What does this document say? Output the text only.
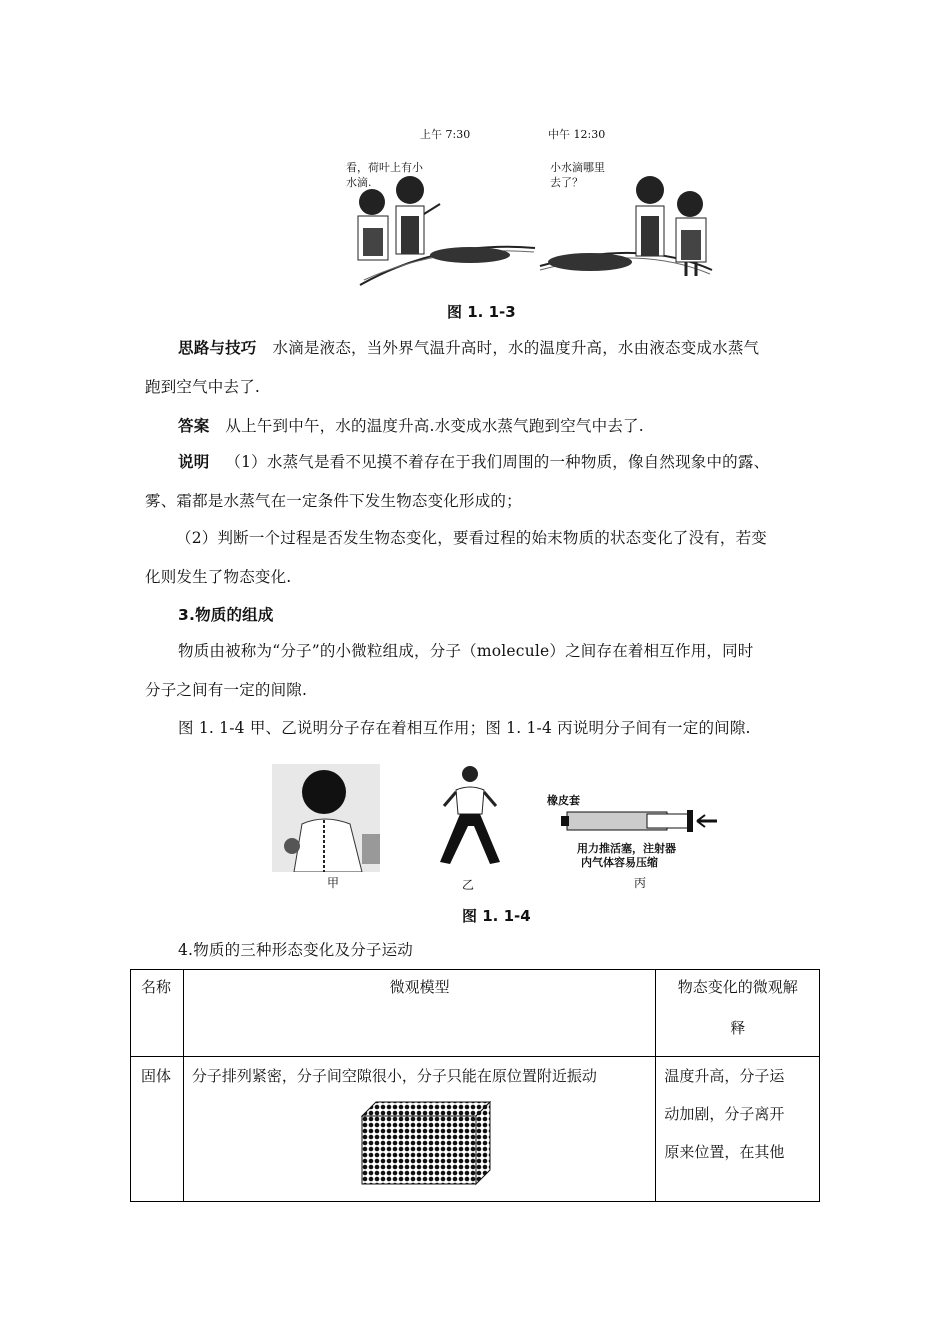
上午 7:30	中午 12:30
看，荷叶上有小
水滴.
小水滴哪里
去了？
图 1. 1-3
思路与技巧 水滴是液态，当外界气温升高时，水的温度升高，水由液态变成水蒸气
跑到空气中去了.
答案 从上午到中午，水的温度升高.水变成水蒸气跑到空气中去了.
说明 （1）水蒸气是看不见摸不着存在于我们周围的一种物质，像自然现象中的露、
雾、霜都是水蒸气在一定条件下发生物态变化形成的；
（2）判断一个过程是否发生物态变化，要看过程的始末物质的状态变化了没有，若变
化则发生了物态变化.
3.物质的组成
物质由被称为“分子”的小微粒组成，分子（molecule）之间存在着相互作用，同时
分子之间有一定的间隙.
图 1. 1-4 甲、乙说明分子存在着相互作用；图 1. 1-4 丙说明分子间有一定的间隙.
橡皮套
用力推活塞，注射器
内气体容易压缩
甲	乙	丙
图 1. 1-4
4.物质的三种形态变化及分子运动
名称	微观模型	物态变化的微观解
释

固体	分子排列紧密，分子间空隙很小，分子只能在原位置附近振动	温度升高，分子运
动加剧，分子离开
原来位置，在其他
